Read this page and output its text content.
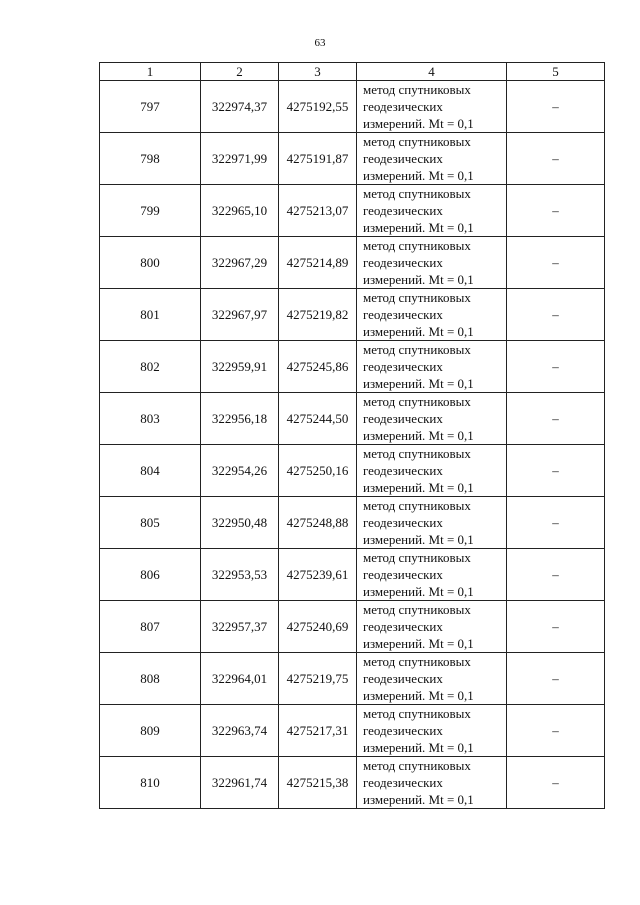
63
1	2	3	4	5
797	322974,37	4275192,55	метод спутниковых
геодезических
измерений. Mt = 0,1	–
798	322971,99	4275191,87	метод спутниковых
геодезических
измерений. Mt = 0,1	–
799	322965,10	4275213,07	метод спутниковых
геодезических
измерений. Mt = 0,1	–
800	322967,29	4275214,89	метод спутниковых
геодезических
измерений. Mt = 0,1	–
801	322967,97	4275219,82	метод спутниковых
геодезических
измерений. Mt = 0,1	–
802	322959,91	4275245,86	метод спутниковых
геодезических
измерений. Mt = 0,1	–
803	322956,18	4275244,50	метод спутниковых
геодезических
измерений. Mt = 0,1	–
804	322954,26	4275250,16	метод спутниковых
геодезических
измерений. Mt = 0,1	–
805	322950,48	4275248,88	метод спутниковых
геодезических
измерений. Mt = 0,1	–
806	322953,53	4275239,61	метод спутниковых
геодезических
измерений. Mt = 0,1	–
807	322957,37	4275240,69	метод спутниковых
геодезических
измерений. Mt = 0,1	–
808	322964,01	4275219,75	метод спутниковых
геодезических
измерений. Mt = 0,1	–
809	322963,74	4275217,31	метод спутниковых
геодезических
измерений. Mt = 0,1	–
810	322961,74	4275215,38	метод спутниковых
геодезических
измерений. Mt = 0,1	–
